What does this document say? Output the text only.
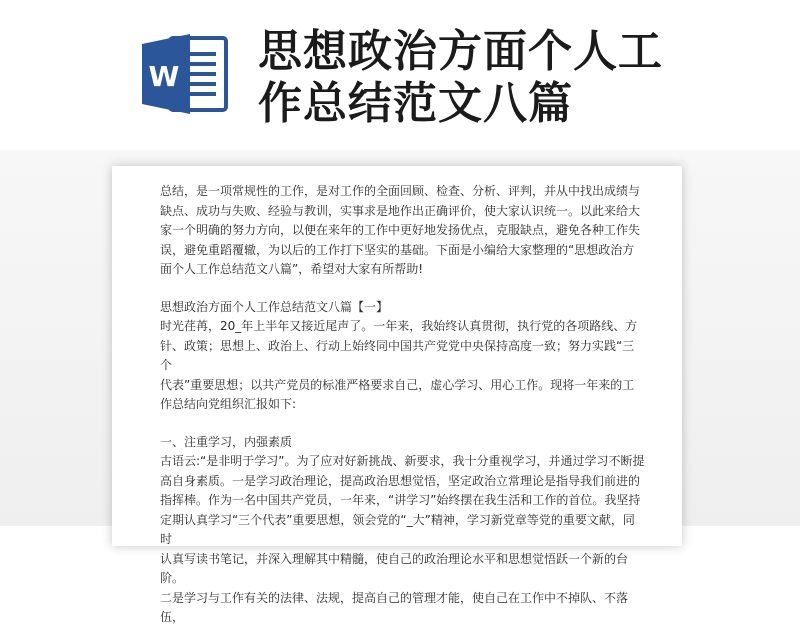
W 思想政治方面个人工
作总结范文八篇

总结，是一项常规性的工作，是对工作的全面回顾、检查、分析、评判，并从中找出成绩与
缺点、成功与失败、经验与教训，实事求是地作出正确评价，使大家认识统一。以此来给大
家一个明确的努力方向，以便在来年的工作中更好地发扬优点，克服缺点，避免各种工作失
误，避免重蹈覆辙，为以后的工作打下坚实的基础。下面是小编给大家整理的“思想政治方
面个人工作总结范文八篇”，希望对大家有所帮助!

思想政治方面个人工作总结范文八篇【一】

时光荏苒，20_年上半年又接近尾声了。一年来，我始终认真贯彻，执行党的各项路线、方
针、政策；思想上、政治上、行动上始终同中国共产党党中央保持高度一致；努力实践“三个
代表”重要思想；以共产党员的标准严格要求自己，虚心学习、用心工作。现将一年来的工
作总结向党组织汇报如下:

一、注重学习，内强素质

古语云:“是非明于学习”。为了应对好新挑战、新要求，我十分重视学习，并通过学习不断提
高自身素质。一是学习政治理论，提高政治思想觉悟，坚定政治立常理论是指导我们前进的
指挥棒。作为一名中国共产党员，一年来，“讲学习”始终摆在我生活和工作的首位。我坚持
定期认真学习“三个代表”重要思想，领会党的“_大”精神，学习新党章等党的重要文献，同时
认真写读书笔记，并深入理解其中精髓，使自己的政治理论水平和思想觉悟跃一个新的台阶。
二是学习与工作有关的法律、法规，提高自己的管理才能，使自己在工作中不掉队、不落伍，
